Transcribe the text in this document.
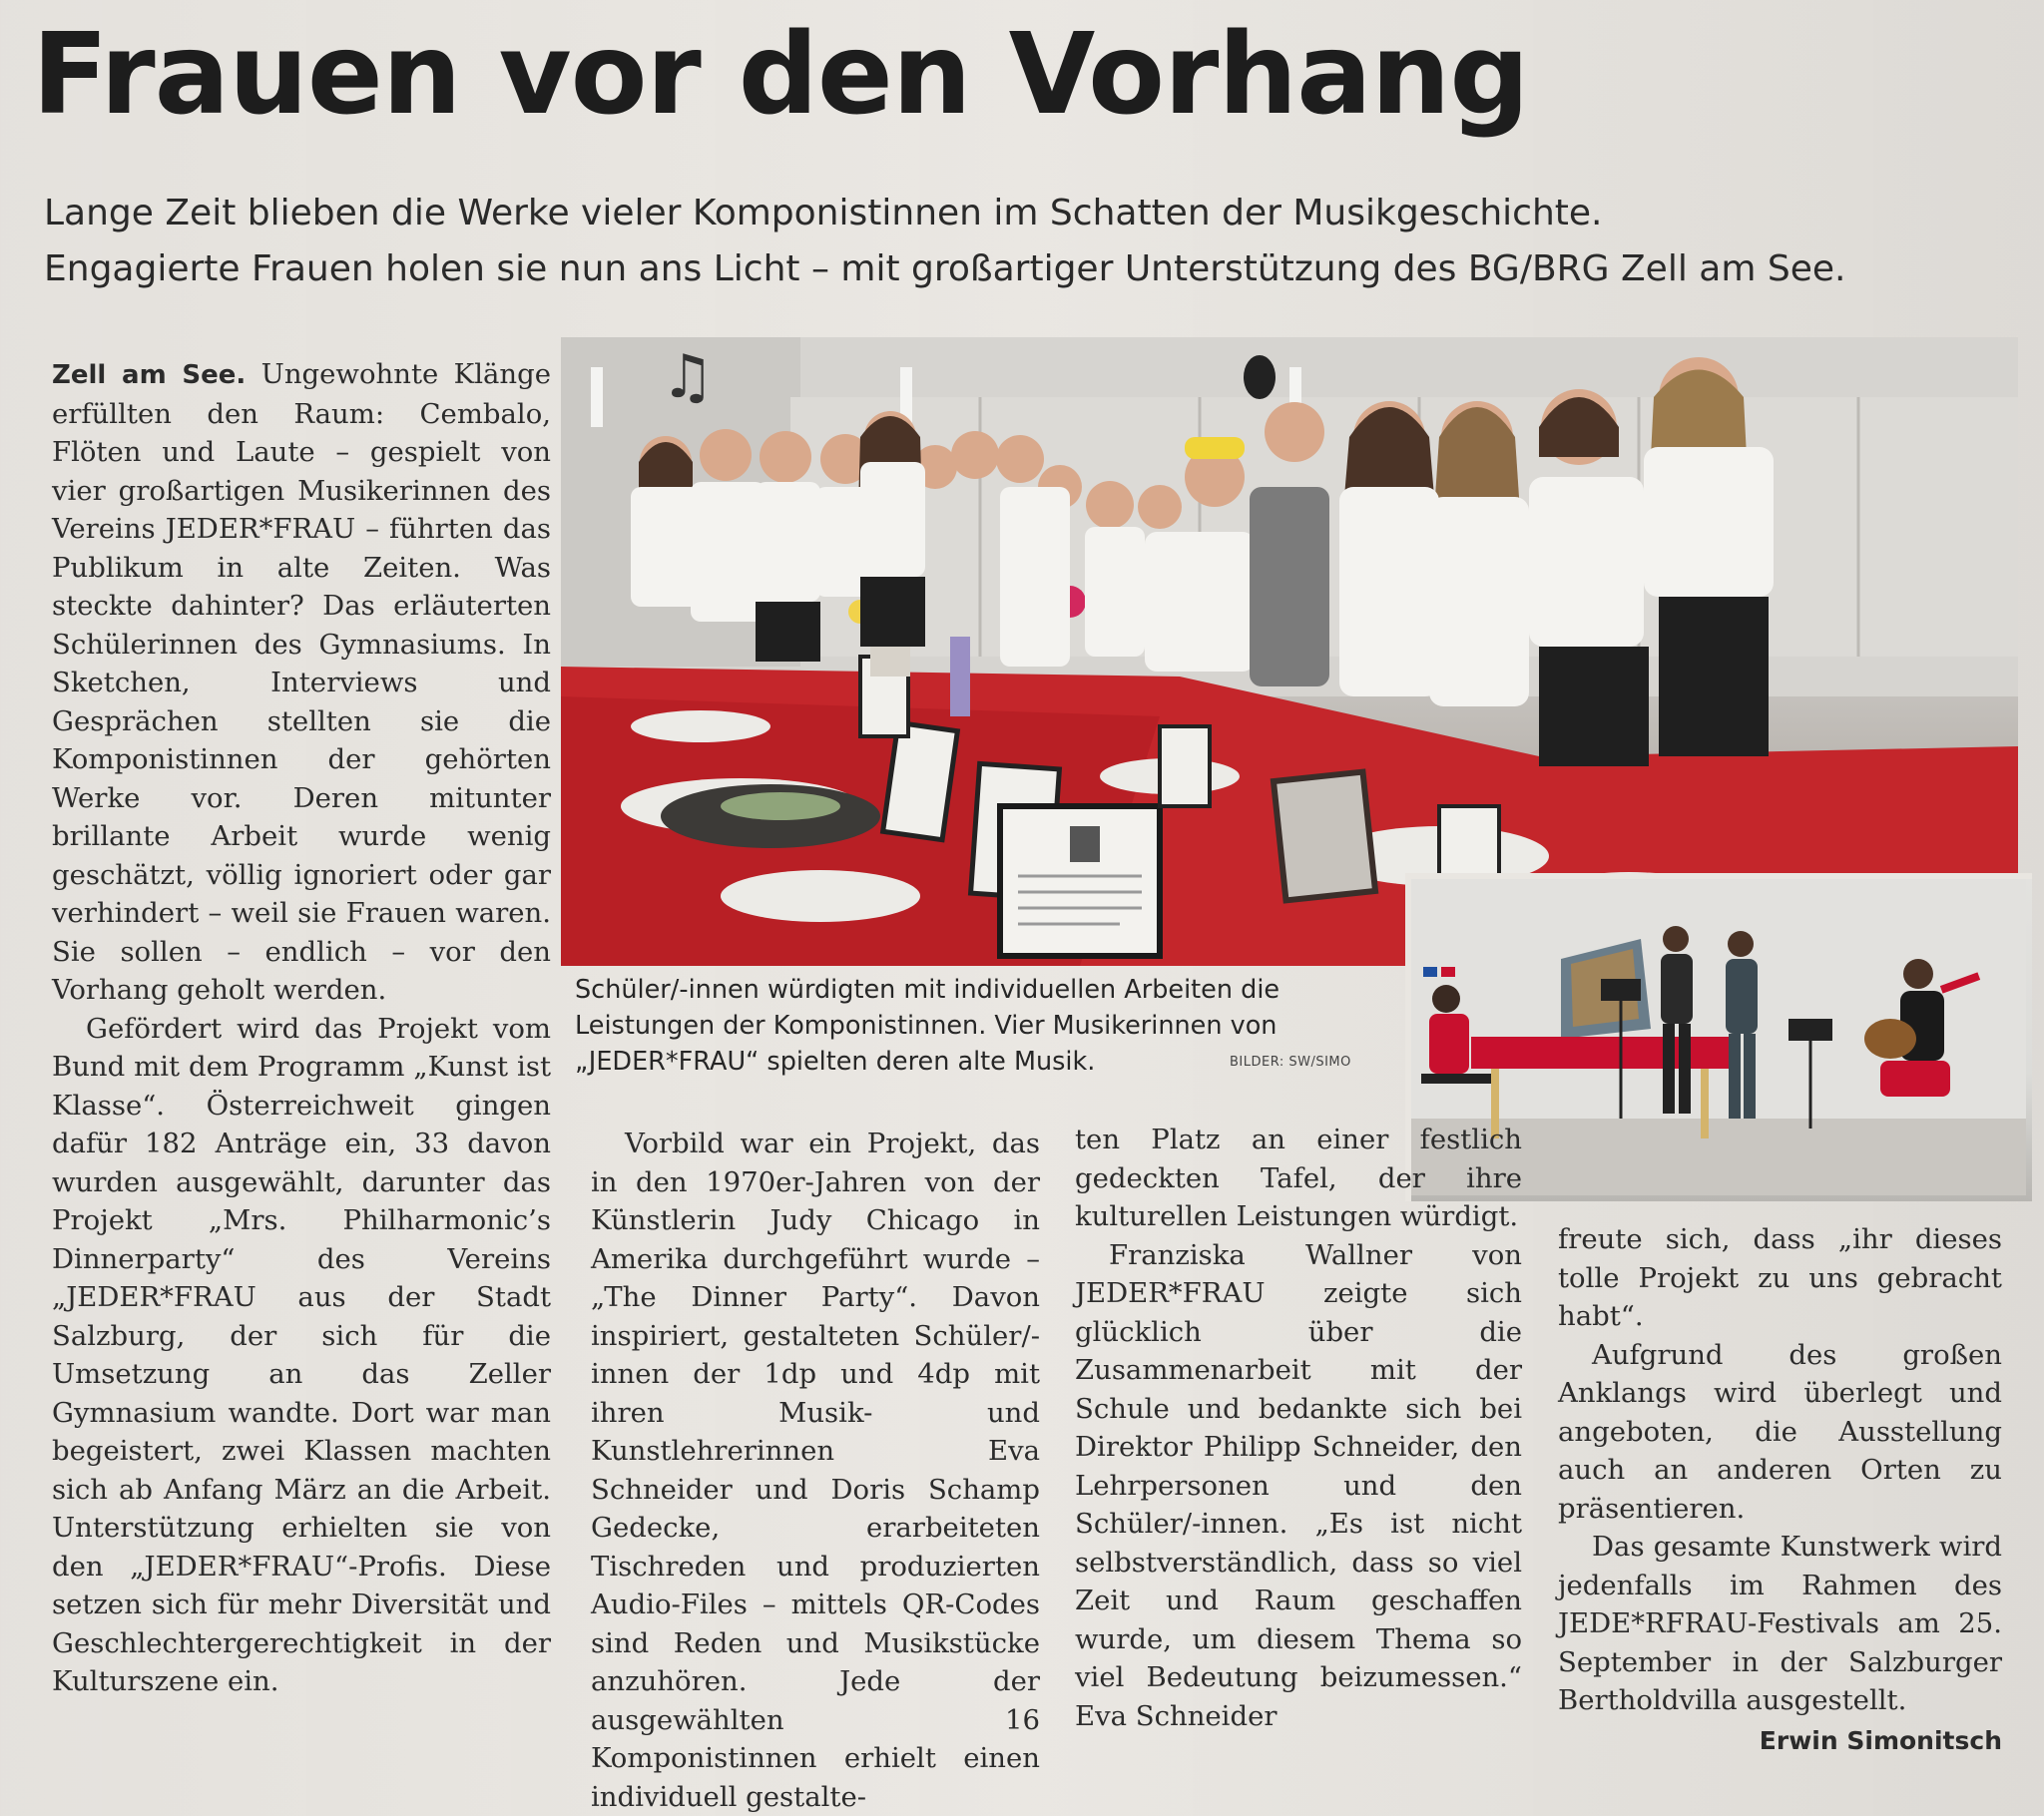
Frauen vor den Vorhang
Lange Zeit blieben die Werke vieler Komponistinnen im Schatten der Musikgeschichte.
Engagierte Frauen holen sie nun ans Licht – mit großartiger Unterstützung des BG/BRG Zell am See.
♫
Schüler/-innen würdigten mit individuellen Arbeiten die
Leistungen der Komponistinnen. Vier Musikerinnen von
„JEDER*FRAU“ spielten deren alte Musik.	BILDER: SW/SIMO

Zell am See. Ungewohnte Klänge erfüllten den Raum: Cembalo, Flöten und Laute – gespielt von vier großartigen Musikerinnen des Vereins JEDER*FRAU – führten das Publikum in alte Zeiten. Was steckte dahinter? Das erläuterten Schülerinnen des Gymnasiums. In Sketchen, Interviews und Gesprächen stellten sie die Komponistinnen der gehörten Werke vor. Deren mitunter brillante Arbeit wurde wenig geschätzt, völlig ignoriert oder gar verhindert – weil sie Frauen waren. Sie sollen – endlich – vor den Vorhang geholt werden.

Gefördert wird das Projekt vom Bund mit dem Programm „Kunst ist Klasse“. Österreichweit gingen dafür 182 Anträge ein, 33 davon wurden ausgewählt, darunter das Projekt „Mrs. Philharmonic’s Dinnerparty“ des Vereins „JEDER*FRAU aus der Stadt Salzburg, der sich für die Umsetzung an das Zeller Gymnasium wandte. Dort war man begeistert, zwei Klassen machten sich ab Anfang März an die Arbeit. Unterstützung erhielten sie von den „JEDER*FRAU“-Profis. Diese setzen sich für mehr Diversität und Geschlechtergerechtigkeit in der Kulturszene ein.

Vorbild war ein Projekt, das in den 1970er-Jahren von der Künstlerin Judy Chicago in Amerika durchgeführt wurde – „The Dinner Party“. Davon inspiriert, gestalteten Schüler/-innen der 1dp und 4dp mit ihren Musik- und Kunstlehrerinnen Eva Schneider und Doris Schamp Gedecke, erarbeiteten Tischreden und produzierten Audio-Files – mittels QR-Codes sind Reden und Musikstücke anzuhören. Jede der ausgewählten 16 Komponistinnen erhielt einen individuell gestalte-

ten Platz an einer festlich gedeckten Tafel, der ihre kulturellen Leistungen würdigt.

Franziska Wallner von JEDER*FRAU zeigte sich glücklich über die Zusammenarbeit mit der Schule und bedankte sich bei Direktor Philipp Schneider, den Lehrpersonen und den Schüler/-innen. „Es ist nicht selbstverständlich, dass so viel Zeit und Raum geschaffen wurde, um diesem Thema so viel Bedeutung beizumessen.“ Eva Schneider

freute sich, dass „ihr dieses tolle Projekt zu uns gebracht habt“.

Aufgrund des großen Anklangs wird überlegt und angeboten, die Ausstellung auch an anderen Orten zu präsentieren.

Das gesamte Kunstwerk wird jedenfalls im Rahmen des JEDE*RFRAU-Festivals am 25. September in der Salzburger Bertholdvilla ausgestellt.

Erwin Simonitsch
